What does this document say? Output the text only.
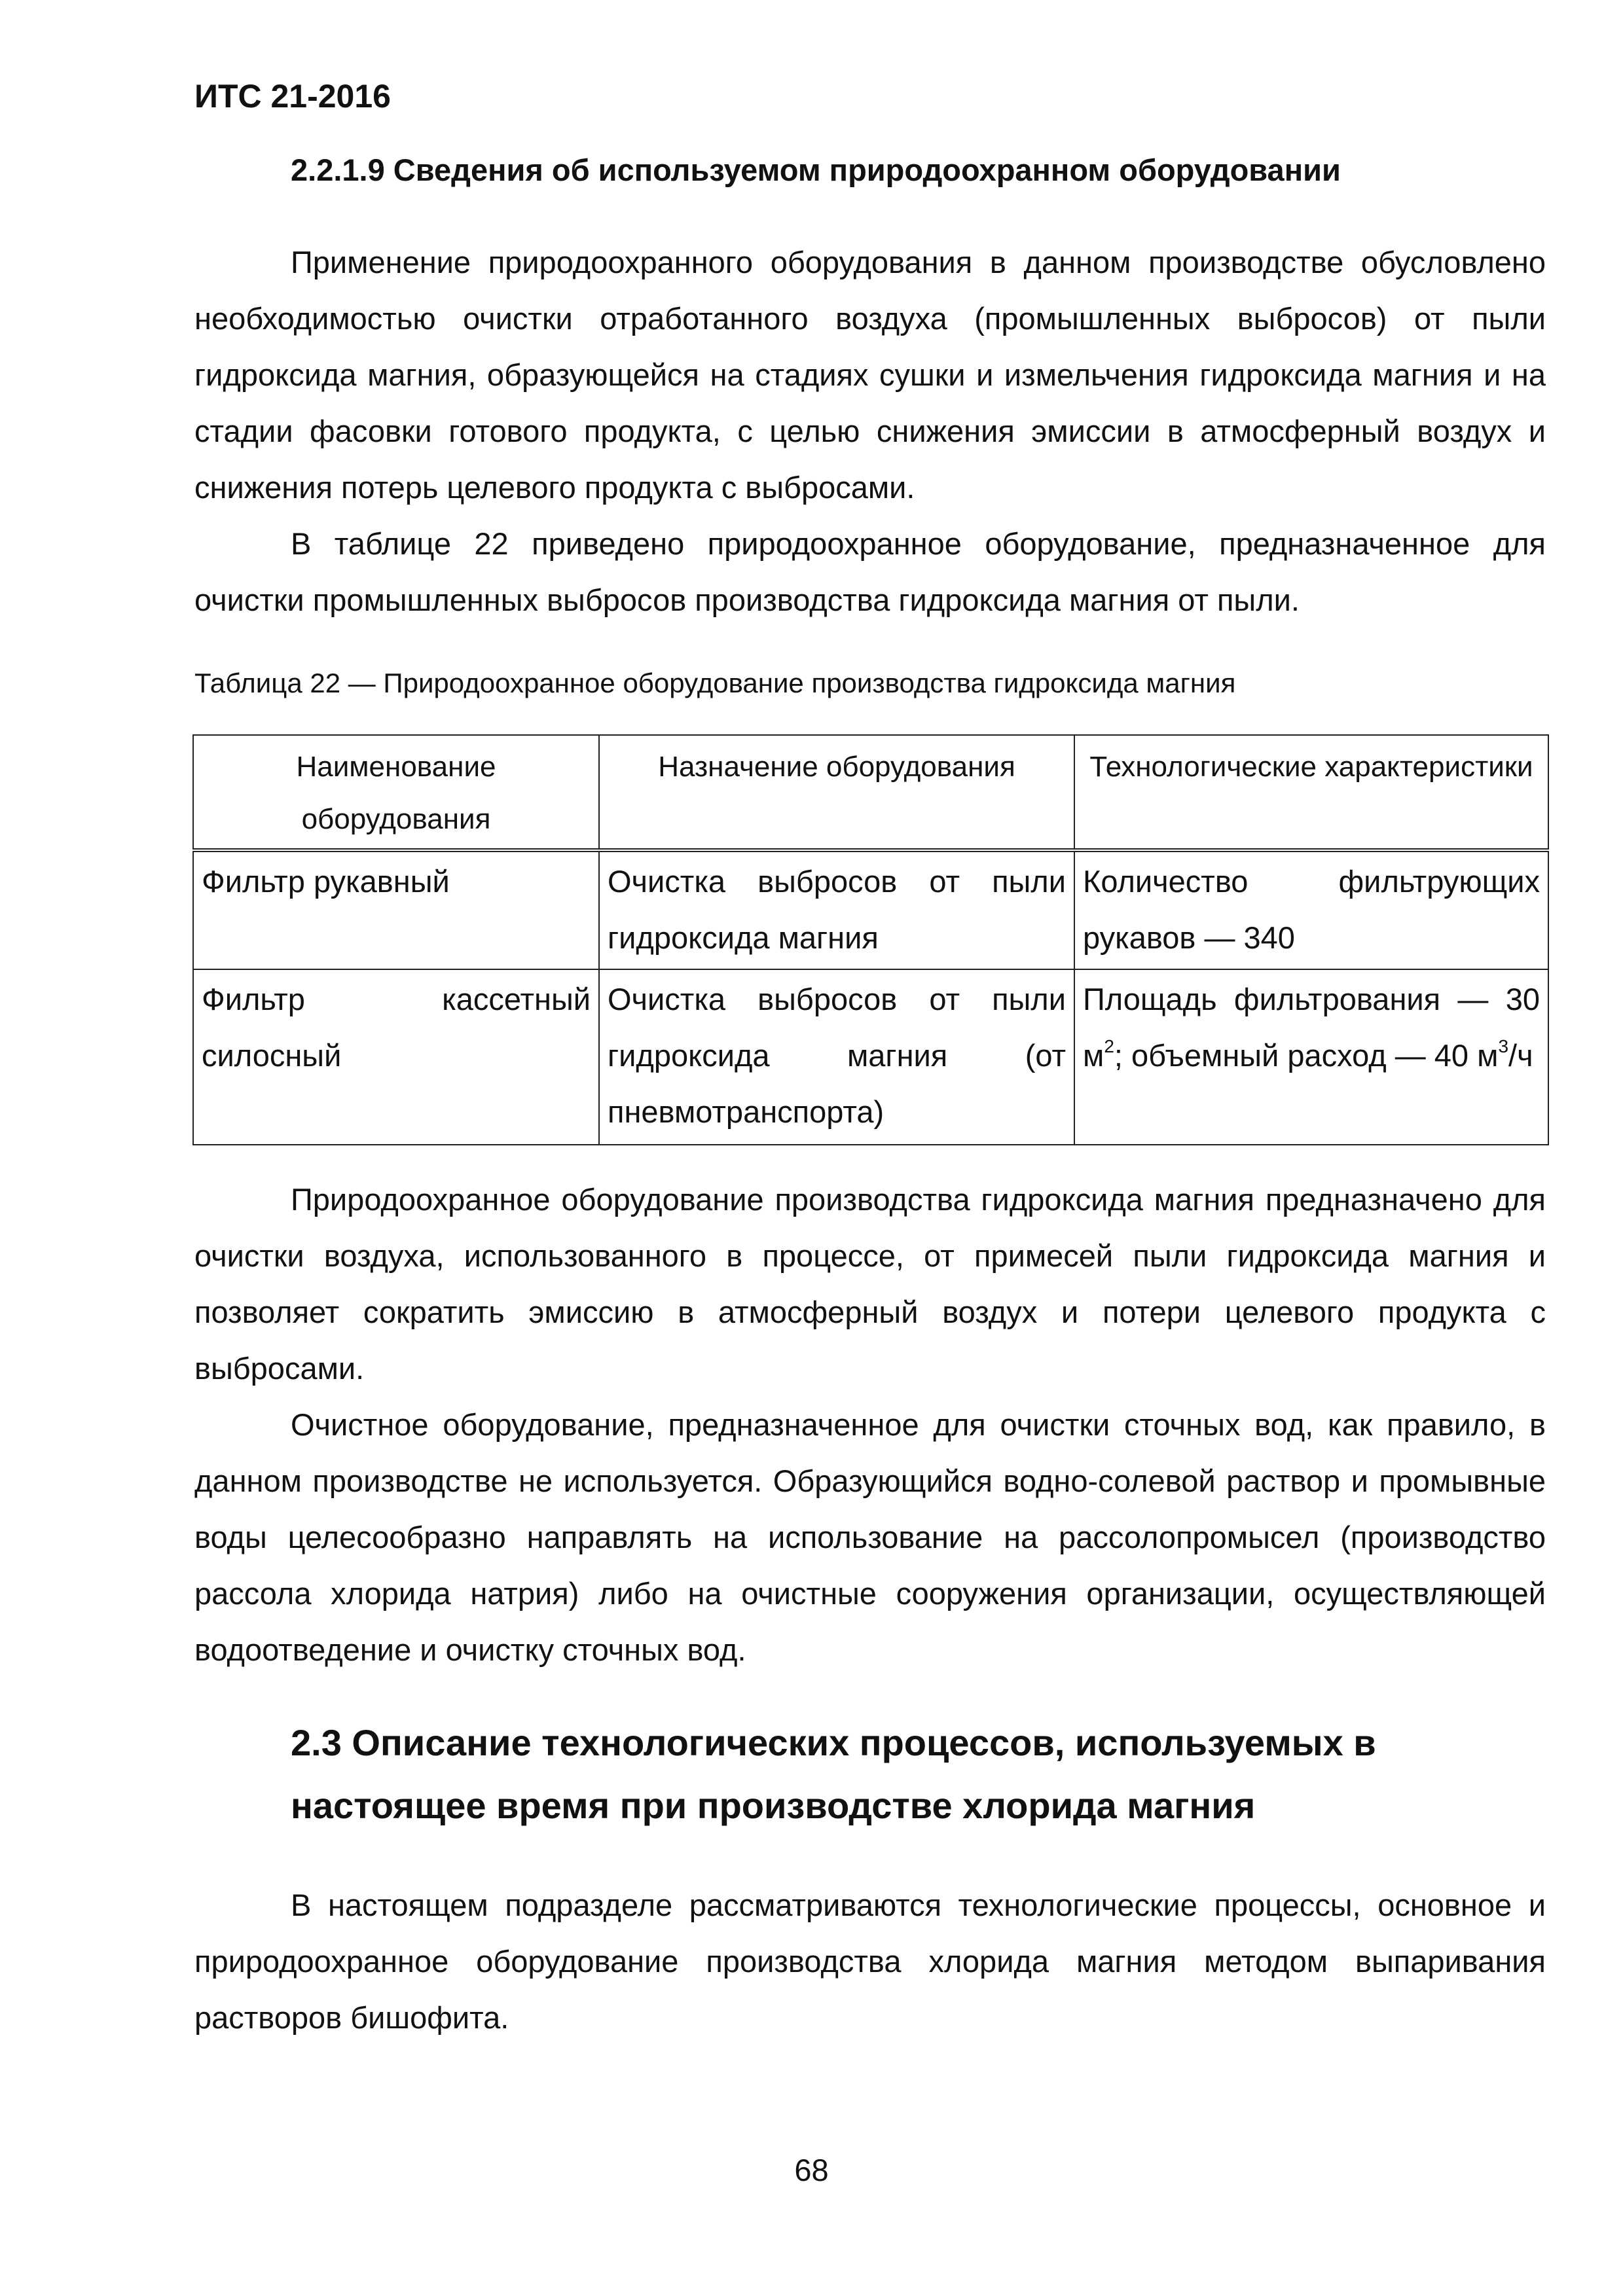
ИТС 21-2016
2.2.1.9 Сведения об используемом природоохранном оборудовании

Применение природоохранного оборудования в данном производстве обусловлено необходимостью очистки отработанного воздуха (промышленных выбросов) от пыли гидроксида магния, образующейся на стадиях сушки и измельчения гидроксида магния и на стадии фасовки готового продукта, с целью снижения эмиссии в атмосферный воздух и снижения потерь целевого продукта с выбросами.

В таблице 22 приведено природоохранное оборудование, предназначенное для очистки промышленных выбросов производства гидроксида магния от пыли.

Таблица 22 — Природоохранное оборудование производства гидроксида магния
Наименование оборудования	Назначение оборудования	Технологические характеристики
Фильтр рукавный	Очистка выбросов от пыли гидроксида магния	Количество фильтрующих рукавов — 340
Фильтр кассетный силосный	Очистка выбросов от пыли гидроксида магния (от пневмотранспорта)	Площадь фильтрования — 30 $м^2$; объемный расход — 40 $м^3/ч$

Природоохранное оборудование производства гидроксида магния предназначено для очистки воздуха, использованного в процессе, от примесей пыли гидроксида магния и позволяет сократить эмиссию в атмосферный воздух и потери целевого продукта с выбросами.

Очистное оборудование, предназначенное для очистки сточных вод, как правило, в данном производстве не используется. Образующийся водно-солевой раствор и промывные воды целесообразно направлять на использование на рассолопромысел (производство рассола хлорида натрия) либо на очистные сооружения организации, осуществляющей водоотведение и очистку сточных вод.

2.3 Описание технологических процессов, используемых в настоящее время при производстве хлорида магния

В настоящем подразделе рассматриваются технологические процессы, основное и природоохранное оборудование производства хлорида магния методом выпаривания растворов бишофита.

68
